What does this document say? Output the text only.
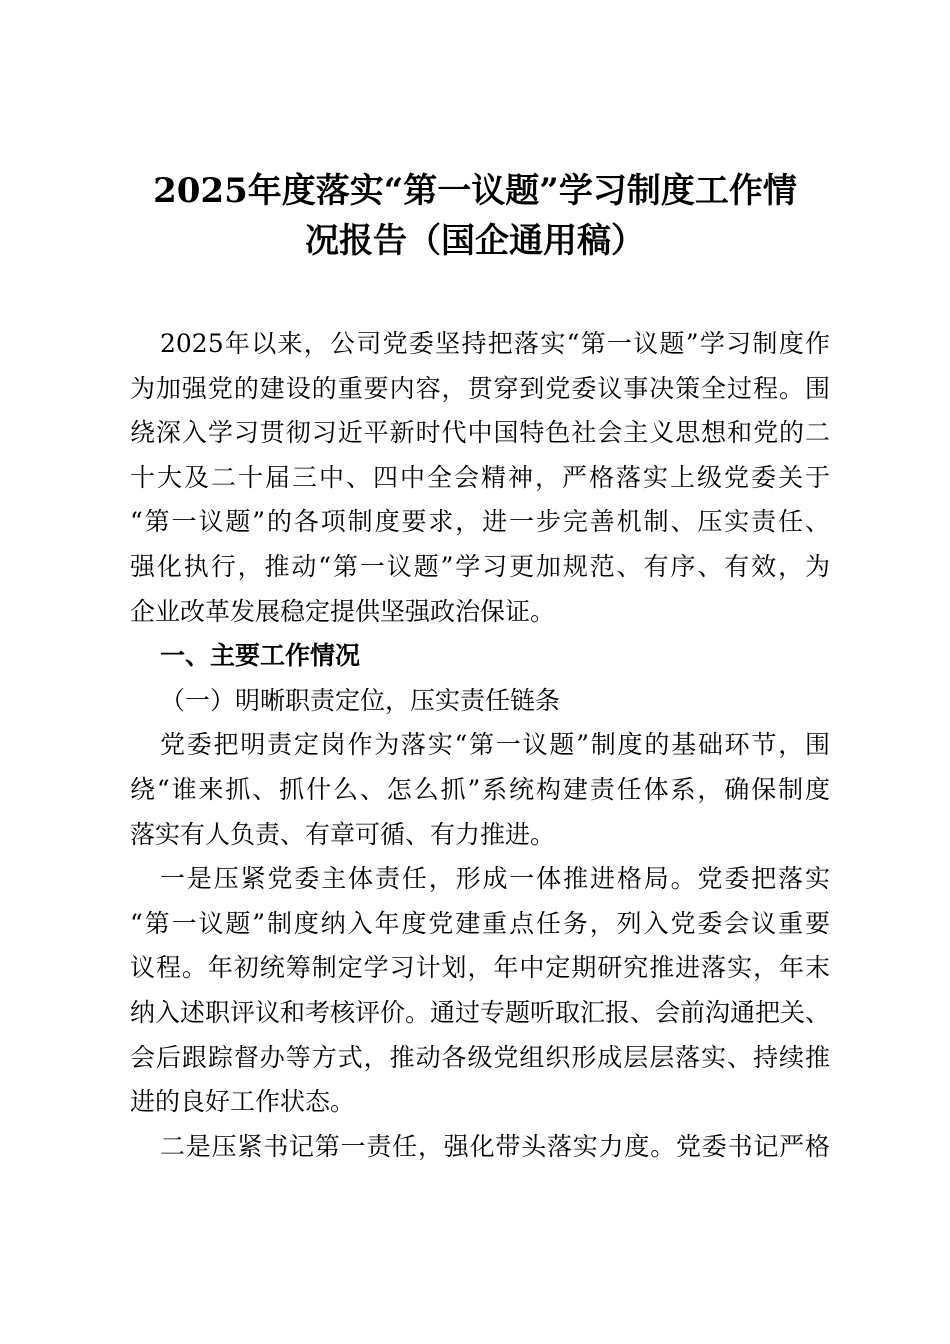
2025年度落实“第一议题”学习制度工作情
况报告（国企通用稿）
2025年以来，公司党委坚持把落实“第一议题”学习制度作
为加强党的建设的重要内容，贯穿到党委议事决策全过程。围
绕深入学习贯彻习近平新时代中国特色社会主义思想和党的二
十大及二十届三中、四中全会精神，严格落实上级党委关于
“第一议题”的各项制度要求，进一步完善机制、压实责任、
强化执行，推动“第一议题”学习更加规范、有序、有效，为
企业改革发展稳定提供坚强政治保证。
一、主要工作情况
（一）明晰职责定位，压实责任链条
党委把明责定岗作为落实“第一议题”制度的基础环节，围
绕“谁来抓、抓什么、怎么抓”系统构建责任体系，确保制度
落实有人负责、有章可循、有力推进。
一是压紧党委主体责任，形成一体推进格局。党委把落实
“第一议题”制度纳入年度党建重点任务，列入党委会议重要
议程。年初统筹制定学习计划，年中定期研究推进落实，年末
纳入述职评议和考核评价。通过专题听取汇报、会前沟通把关、
会后跟踪督办等方式，推动各级党组织形成层层落实、持续推
进的良好工作状态。
二是压紧书记第一责任，强化带头落实力度。党委书记严格
